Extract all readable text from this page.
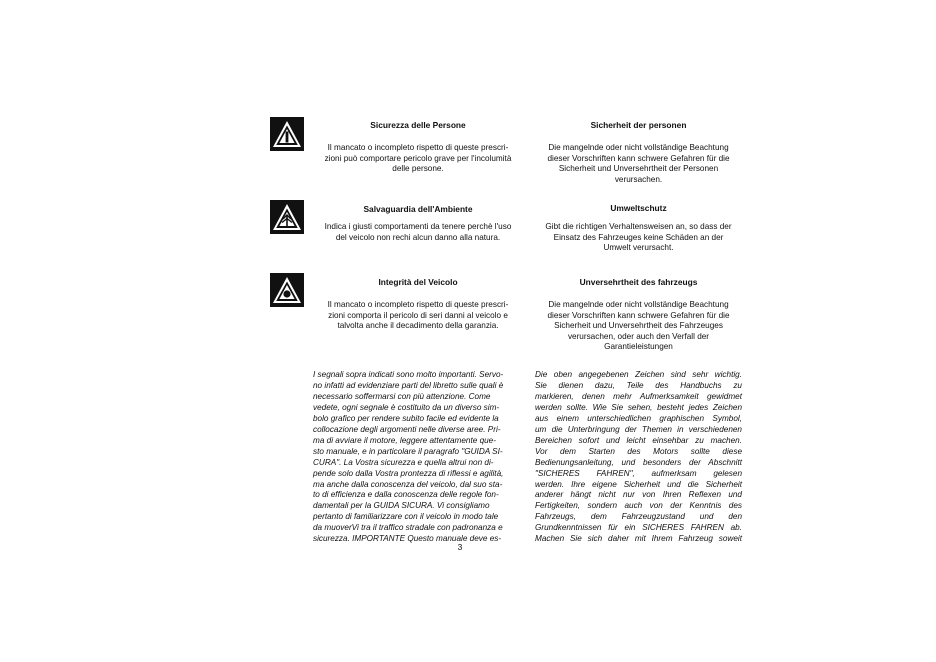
Sicurezza delle Persone
Il mancato o incompleto rispetto di queste prescri-
zioni può comportare pericolo grave per l'incolumità
delle persone.
Sicherheit der personen
Die mangelnde oder nicht vollständige Beachtung
dieser Vorschriften kann schwere Gefahren für die
Sicherheit und Unversehrtheit der Personen
verursachen.
Salvaguardia dell'Ambiente
Indica i giusti comportamenti da tenere perchè l'uso
del veicolo non rechi alcun danno alla natura.
Umweltschutz
Gibt die richtigen Verhaltensweisen an, so dass der
Einsatz des Fahrzeuges keine Schäden an der
Umwelt verursacht.
Integrità del Veicolo
Il mancato o incompleto rispetto di queste prescri-
zioni comporta il pericolo di seri danni al veicolo e
talvolta anche il decadimento della garanzia.
Unversehrtheit des fahrzeugs
Die mangelnde oder nicht vollständige Beachtung
dieser Vorschriften kann schwere Gefahren für die
Sicherheit und Unversehrtheit des Fahrzeuges
verursachen, oder auch den Verfall der
Garantieleistungen
I segnali sopra indicati sono molto importanti. Servo-
no infatti ad evidenziare parti del libretto sulle quali è
necessario soffermarsi con più attenzione. Come
vedete, ogni segnale è costituito da un diverso sim-
bolo grafico per rendere subito facile ed evidente la
collocazione degli argomenti nelle diverse aree. Pri-
ma di avviare il motore, leggere attentamente que-
sto manuale, e in particolare il paragrafo "GUIDA SI-
CURA". La Vostra sicurezza e quella altrui non di-
pende solo dalla Vostra prontezza di riflessi e agilità,
ma anche dalla conoscenza del veicolo, dal suo sta-
to di efficienza e dalla conoscenza delle regole fon-
damentali per la GUIDA SICURA. Vi consigliamo
pertanto di familiarizzare con il veicolo in modo tale
da muoverVi tra il traffico stradale con padronanza e
sicurezza. IMPORTANTE Questo manuale deve es-
Die oben angegebenen Zeichen sind sehr wichtig.
Sie dienen dazu, Teile des Handbuchs zu
markieren, denen mehr Aufmerksamkeit gewidmet
werden sollte. Wie Sie sehen, besteht jedes Zeichen
aus einem unterschiedlichen graphischen Symbol,
um die Unterbringung der Themen in verschiedenen
Bereichen sofort und leicht einsehbar zu machen.
Vor dem Starten des Motors sollte diese
Bedienungsanleitung, und besonders der Abschnitt
"SICHERES FAHREN", aufmerksam gelesen
werden. Ihre eigene Sicherheit und die Sicherheit
anderer hängt nicht nur von Ihren Reflexen und
Fertigkeiten, sondern auch von der Kenntnis des
Fahrzeugs, dem Fahrzeugzustand und den
Grundkenntnissen für ein SICHERES FAHREN ab.
Machen Sie sich daher mit Ihrem Fahrzeug soweit
3
